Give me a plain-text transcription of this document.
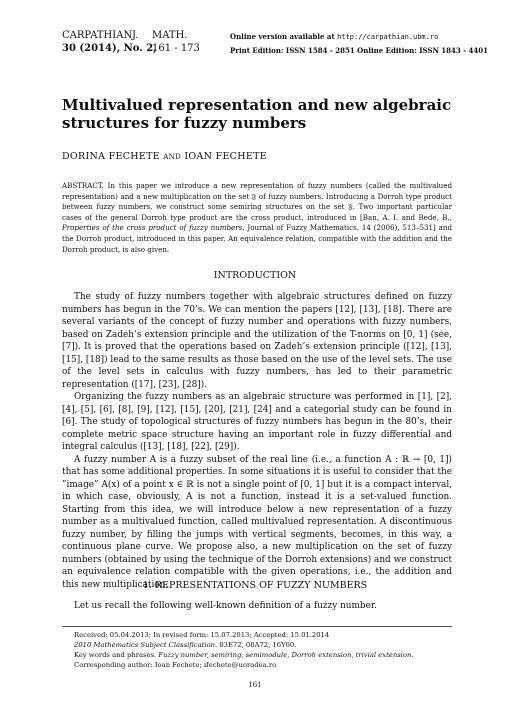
CARPATHIAN J.	MATH.
30 (2014), No. 2,
161 - 173
Online version available at http://carpathian.ubm.ro
Print Edition: ISSN 1584 - 2851 Online Edition: ISSN 1843 - 4401
Multivalued representation and new algebraic structures for fuzzy numbers
DORINA FECHETE and IOAN FECHETE
ABSTRACT. In this paper we introduce a new representation of fuzzy numbers (called the multivalued representation) and a new multiplication on the set 𝔉 of fuzzy numbers. Introducing a Dorroh type product between fuzzy numbers, we construct some semiring structures on the set 𝔉. Two important particular cases of the general Dorroh type product are the cross product, introduced in [Ban, A. I. and Bede, B., Properties of the cross product of fuzzy numbers, Journal of Fuzzy Mathematics, 14 (2006), 513–531] and the Dorroh product, introduced in this paper. An equivalence relation, compatible with the addition and the Dorroh product, is also given.
INTRODUCTION

The study of fuzzy numbers together with algebraic structures defined on fuzzy numbers has begun in the 70’s. We can mention the papers [12], [13], [18]. There are several variants of the concept of fuzzy number and operations with fuzzy numbers, based on Zadeh’s extension principle and the utilization of the T-norms on [0, 1] (see, [7]). It is proved that the operations based on Zadeh’s extension principle ([12], [13], [15], [18]) lead to the same results as those based on the use of the level sets. The use of the level sets in calculus with fuzzy numbers, has led to their parametric representation ([17], [23], [28]).

Organizing the fuzzy numbers as an algebraic structure was performed in [1], [2], [4], [5], [6], [8], [9], [12], [15], [20], [21], [24] and a categorial study can be found in [6]. The study of topological structures of fuzzy numbers has begun in the 80’s, their complete metric space structure having an important role in fuzzy differential and integral calculus ([13], [18], [22], [29]).

A fuzzy number A is a fuzzy subset of the real line (i.e., a function A : ℝ → [0, 1]) that has some additional properties. In some situations it is useful to consider that the ”image” A(x) of a point x ∈ ℝ is not a single point of [0, 1] but it is a compact interval, in which case, obviously, A is not a function, instead it is a set-valued function. Starting from this idea, we will introduce below a new representation of a fuzzy number as a multivalued function, called multivalued representation. A discontinuous fuzzy number, by filling the jumps with vertical segments, becomes, in this way, a continuous plane curve. We propose also, a new multiplication on the set of fuzzy numbers (obtained by using the technique of the Dorroh extensions) and we construct an equivalence relation compatible with the given operations, i.e., the addition and this new multiplication.

1. REPRESENTATIONS OF FUZZY NUMBERS

Let us recall the following well-known definition of a fuzzy number.

Received: 05.04.2013; In revised form: 15.07.2013; Accepted: 15.01.2014
2010 Mathematics Subject Classification. 03E72, 08A72, 16Y60.
Key words and phrases. Fuzzy number, semiring, semimodule, Dorroh extension, trivial extension.
Corresponding author: Ioan Fechete; ifechete@uoradea.ro
161
